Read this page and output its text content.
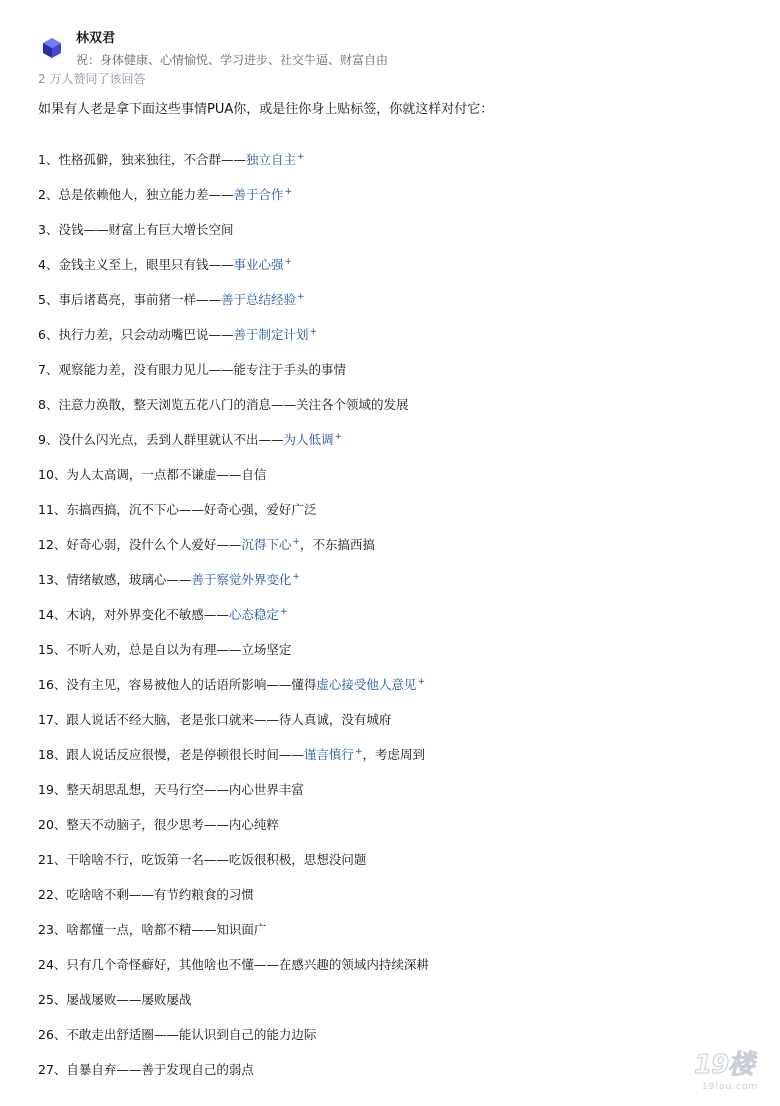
林双君
祝：身体健康、心情愉悦、学习进步、社交牛逼、财富自由
2 万人赞同了该回答
如果有人老是拿下面这些事情PUA你，或是往你身上贴标签，你就这样对付它：
1、性格孤僻，独来独往，不合群——独立自主+
2、总是依赖他人，独立能力差——善于合作+
3、没钱——财富上有巨大增长空间
4、金钱主义至上，眼里只有钱——事业心强+
5、事后诸葛亮，事前猪一样——善于总结经验+
6、执行力差，只会动动嘴巴说——善于制定计划+
7、观察能力差，没有眼力见儿——能专注于手头的事情
8、注意力涣散，整天浏览五花八门的消息——关注各个领域的发展
9、没什么闪光点，丢到人群里就认不出——为人低调+
10、为人太高调，一点都不谦虚——自信
11、东搞西搞，沉不下心——好奇心强，爱好广泛
12、好奇心弱，没什么个人爱好——沉得下心+，不东搞西搞
13、情绪敏感，玻璃心——善于察觉外界变化+
14、木讷，对外界变化不敏感——心态稳定+
15、不听人劝，总是自以为有理——立场坚定
16、没有主见，容易被他人的话语所影响——懂得虚心接受他人意见+
17、跟人说话不经大脑，老是张口就来——待人真诚，没有城府
18、跟人说话反应很慢，老是停顿很长时间——谨言慎行+，考虑周到
19、整天胡思乱想，天马行空——内心世界丰富
20、整天不动脑子，很少思考——内心纯粹
21、干啥啥不行，吃饭第一名——吃饭很积极，思想没问题
22、吃啥啥不剩——有节约粮食的习惯
23、啥都懂一点，啥都不精——知识面广
24、只有几个奇怪癖好，其他啥也不懂——在感兴趣的领域内持续深耕
25、屡战屡败——屡败屡战
26、不敢走出舒适圈——能认识到自己的能力边际
27、自暴自弃——善于发现自己的弱点	19楼
19lou.com
